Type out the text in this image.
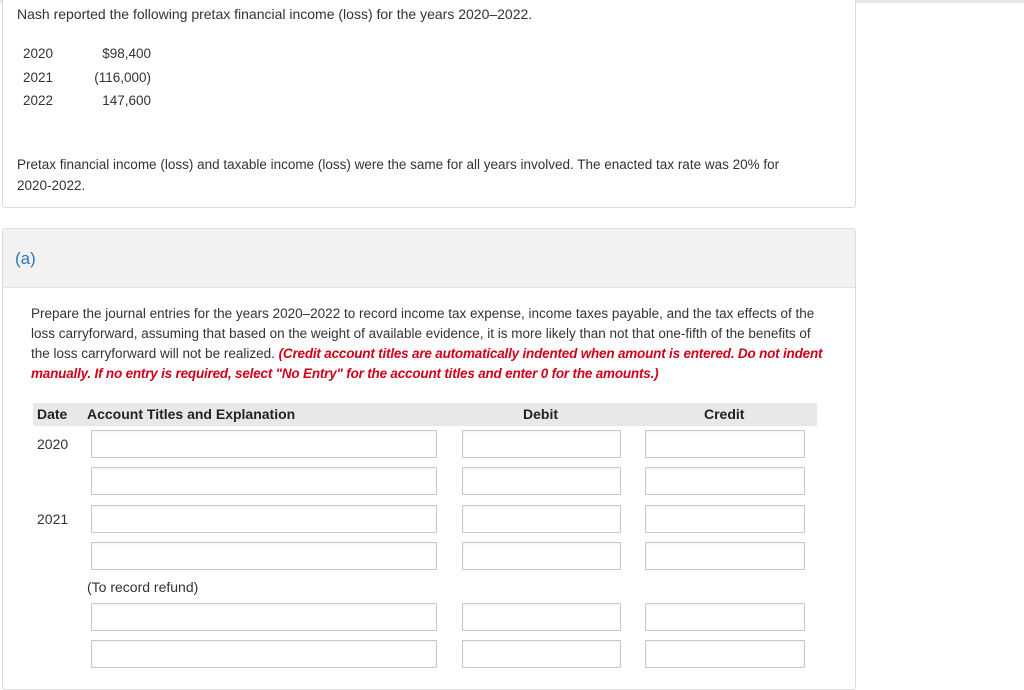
Nash reported the following pretax financial income (loss) for the years 2020–2022.
2020	$98,400
2021	(116,000)
2022	147,600
Pretax financial income (loss) and taxable income (loss) were the same for all years involved. The enacted tax rate was 20% for 2020-2022.
(a)
Prepare the journal entries for the years 2020–2022 to record income tax expense, income taxes payable, and the tax effects of the loss carryforward, assuming that based on the weight of available evidence, it is more likely than not that one-fifth of the benefits of the loss carryforward will not be realized. (Credit account titles are automatically indented when amount is entered. Do not indent manually. If no entry is required, select "No Entry" for the account titles and enter 0 for the amounts.)
Date Account Titles and Explanation	Debit	Credit
2020
2021
(To record refund)
